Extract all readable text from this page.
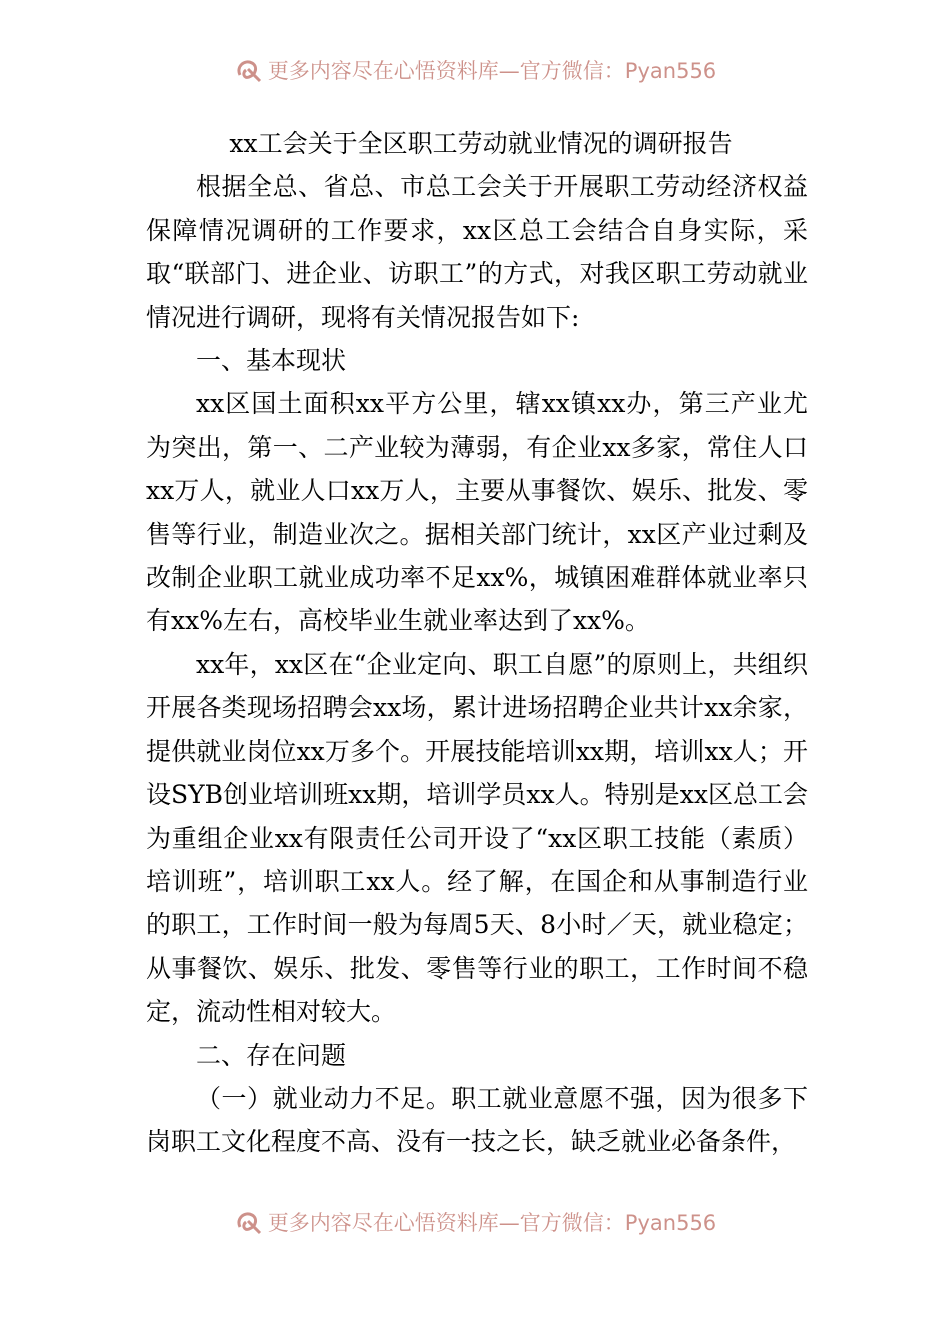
更多内容尽在心悟资料库—官方微信：Pyan556

xx工会关于全区职工劳动就业情况的调研报告

根据全总、省总、市总工会关于开展职工劳动经济权益保障情况调研的工作要求，xx区总工会结合自身实际，采取“联部门、进企业、访职工”的方式，对我区职工劳动就业情况进行调研，现将有关情况报告如下:

一、基本现状

xx区国土面积xx平方公里，辖xx镇xx办，第三产业尤为突出，第一、二产业较为薄弱，有企业xx多家，常住人口xx万人，就业人口xx万人，主要从事餐饮、娱乐、批发、零售等行业，制造业次之。据相关部门统计，xx区产业过剩及改制企业职工就业成功率不足xx%，城镇困难群体就业率只有xx%左右，高校毕业生就业率达到了xx%。

xx年，xx区在“企业定向、职工自愿”的原则上，共组织开展各类现场招聘会xx场，累计进场招聘企业共计xx余家，提供就业岗位xx万多个。开展技能培训xx期，培训xx人；开设SYB创业培训班xx期，培训学员xx人。特别是xx区总工会为重组企业xx有限责任公司开设了“xx区职工技能（素质）培训班”，培训职工xx人。经了解，在国企和从事制造行业的职工，工作时间一般为每周5天、8小时／天，就业稳定；从事餐饮、娱乐、批发、零售等行业的职工，工作时间不稳定，流动性相对较大。

二、存在问题

（一）就业动力不足。职工就业意愿不强，因为很多下岗职工文化程度不高、没有一技之长，缺乏就业必备条件，

更多内容尽在心悟资料库—官方微信：Pyan556
